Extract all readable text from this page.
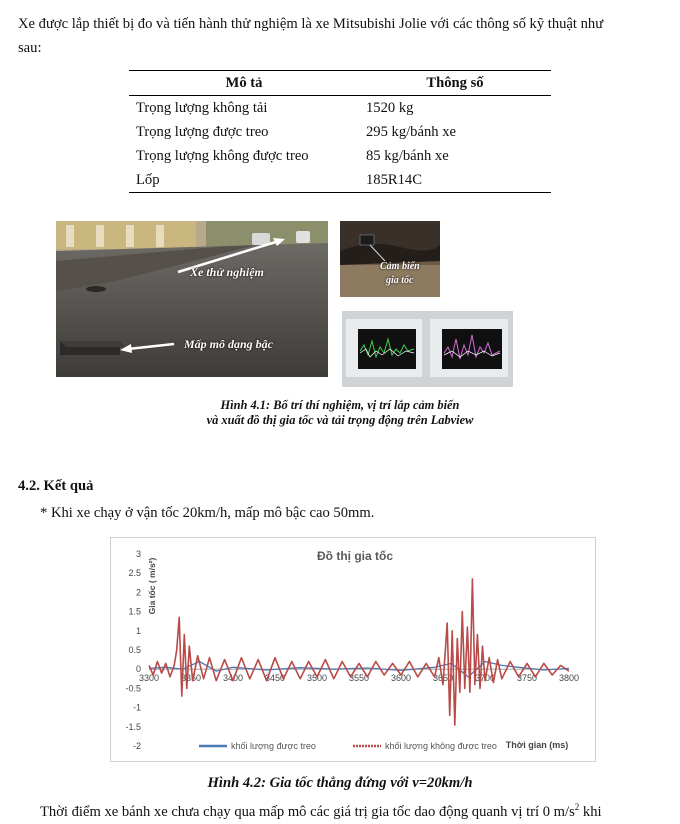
Xe được lắp thiết bị đo và tiến hành thử nghiệm là xe Mitsubishi Jolie với các thông số kỹ thuật như
sau:
Mô tả	Thông số
Trọng lượng không tải	1520 kg
Trọng lượng được treo	295 kg/bánh xe
Trọng lượng không được treo	85 kg/bánh xe
Lốp	185R14C
Xe thử nghiệm
Mấp mô dạng bậc
Cảm biến
gia tốc
Hình 4.1: Bố trí thí nghiệm, vị trí lắp cảm biến
và xuất đồ thị gia tốc và tải trọng động trên Labview
4.2. Kết quả
* Khi xe chạy ở vận tốc 20km/h, mấp mô bậc cao 50mm.
3
2.5
2
1.5
1
0.5
0
-0.5
-1
-1.5
-2
3300 3350 3400 3450 3500 3550 3600 3650 3700 3750 3800
Đồ thị gia tốc
Gia tốc ( m/s²)
khối lượng được treo	khối lượng không được treo Thời gian (ms)
Hình 4.2: Gia tốc thẳng đứng với v=20km/h
Thời điểm xe bánh xe chưa chạy qua mấp mô các giá trị gia tốc dao động quanh vị trí 0 $m/s^2$ khi
